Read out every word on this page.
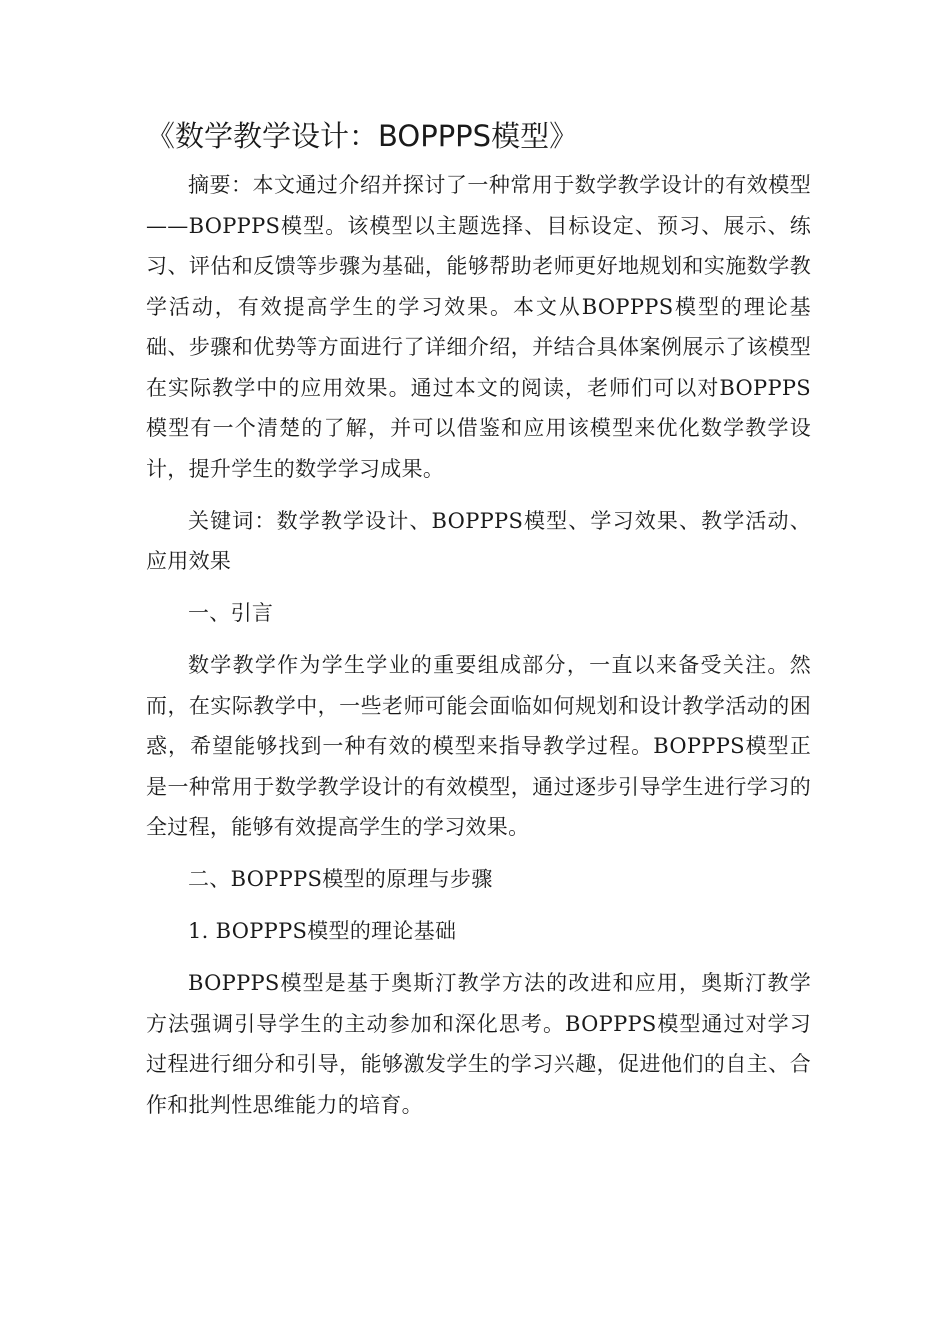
《数学教学设计：BOPPPS模型》

摘要：本文通过介绍并探讨了一种常用于数学教学设计的有效模型——BOPPPS模型。该模型以主题选择、目标设定、预习、展示、练习、评估和反馈等步骤为基础，能够帮助老师更好地规划和实施数学教学活动，有效提高学生的学习效果。本文从BOPPPS模型的理论基础、步骤和优势等方面进行了详细介绍，并结合具体案例展示了该模型在实际教学中的应用效果。通过本文的阅读，老师们可以对BOPPPS模型有一个清楚的了解，并可以借鉴和应用该模型来优化数学教学设计，提升学生的数学学习成果。

关键词：数学教学设计、BOPPPS模型、学习效果、教学活动、应用效果

一、引言

数学教学作为学生学业的重要组成部分，一直以来备受关注。然而，在实际教学中，一些老师可能会面临如何规划和设计教学活动的困惑，希望能够找到一种有效的模型来指导教学过程。BOPPPS模型正是一种常用于数学教学设计的有效模型，通过逐步引导学生进行学习的全过程，能够有效提高学生的学习效果。

二、BOPPPS模型的原理与步骤

1. BOPPPS模型的理论基础

BOPPPS模型是基于奥斯汀教学方法的改进和应用，奥斯汀教学方法强调引导学生的主动参加和深化思考。BOPPPS模型通过对学习过程进行细分和引导，能够激发学生的学习兴趣，促进他们的自主、合作和批判性思维能力的培育。
